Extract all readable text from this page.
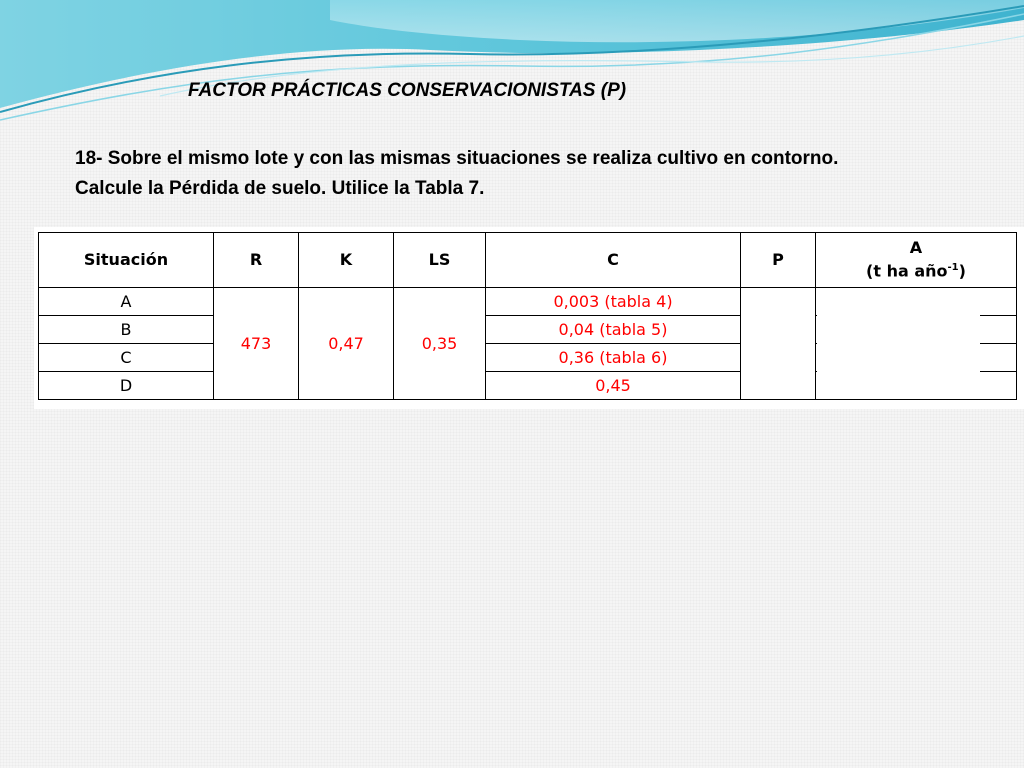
FACTOR PRÁCTICAS CONSERVACIONISTAS (P)
18- Sobre el mismo lote y con las mismas situaciones se realiza cultivo en contorno.
Calcule la Pérdida de suelo. Utilice la Tabla 7.
Situación	R	K	LS	C	P	A
(t ha año$^{-1}$)
A	473	0,47	0,35	0,003 (tabla 4)		
B				0,04 (tabla 5)		
C				0,36 (tabla 6)		
D				0,45		
